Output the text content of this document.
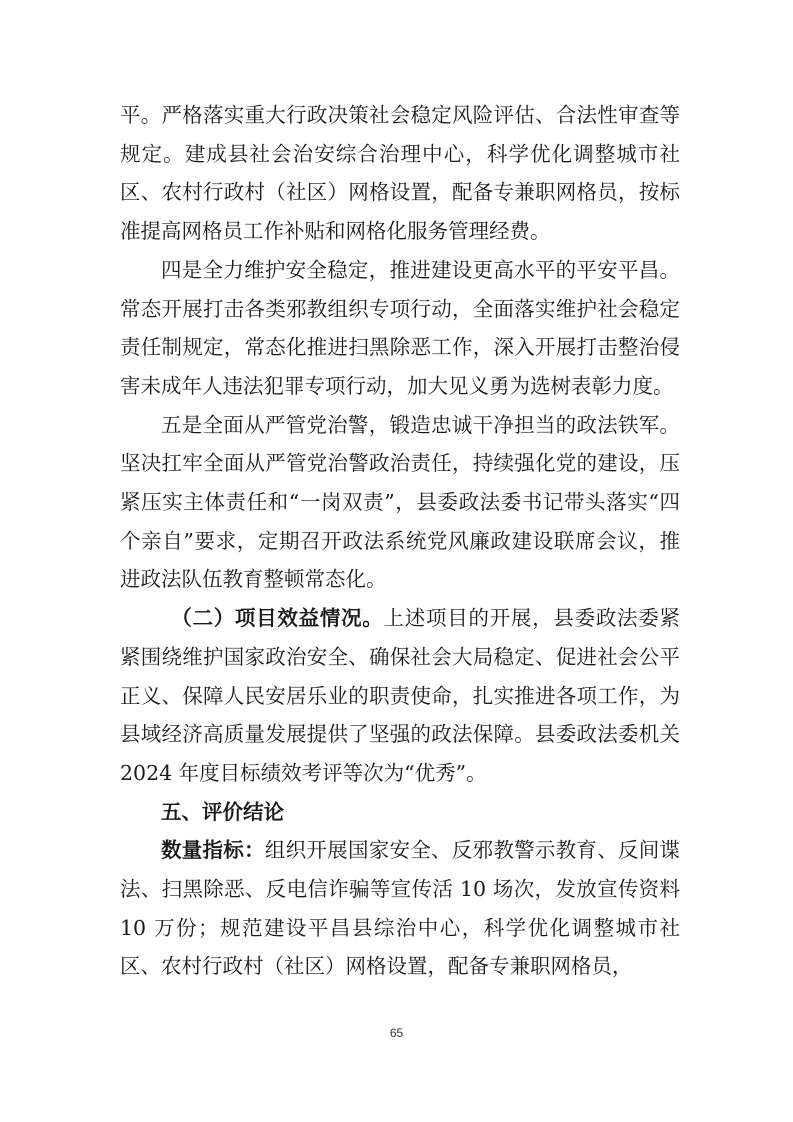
平。严格落实重大行政决策社会稳定风险评估、合法性审查等规定。建成县社会治安综合治理中心，科学优化调整城市社区、农村行政村（社区）网格设置，配备专兼职网格员，按标准提高网格员工作补贴和网格化服务管理经费。

四是全力维护安全稳定，推进建设更高水平的平安平昌。常态开展打击各类邪教组织专项行动，全面落实维护社会稳定责任制规定，常态化推进扫黑除恶工作，深入开展打击整治侵害未成年人违法犯罪专项行动，加大见义勇为选树表彰力度。

五是全面从严管党治警，锻造忠诚干净担当的政法铁军。坚决扛牢全面从严管党治警政治责任，持续强化党的建设，压紧压实主体责任和“一岗双责”，县委政法委书记带头落实“四个亲自”要求，定期召开政法系统党风廉政建设联席会议，推进政法队伍教育整顿常态化。

（二）项目效益情况。上述项目的开展，县委政法委紧紧围绕维护国家政治安全、确保社会大局稳定、促进社会公平正义、保障人民安居乐业的职责使命，扎实推进各项工作，为县域经济高质量发展提供了坚强的政法保障。县委政法委机关 2024 年度目标绩效考评等次为“优秀”。

五、评价结论

数量指标：组织开展国家安全、反邪教警示教育、反间谍法、扫黑除恶、反电信诈骗等宣传活 10 场次，发放宣传资料 10 万份；规范建设平昌县综治中心，科学优化调整城市社区、农村行政村（社区）网格设置，配备专兼职网格员，

65
